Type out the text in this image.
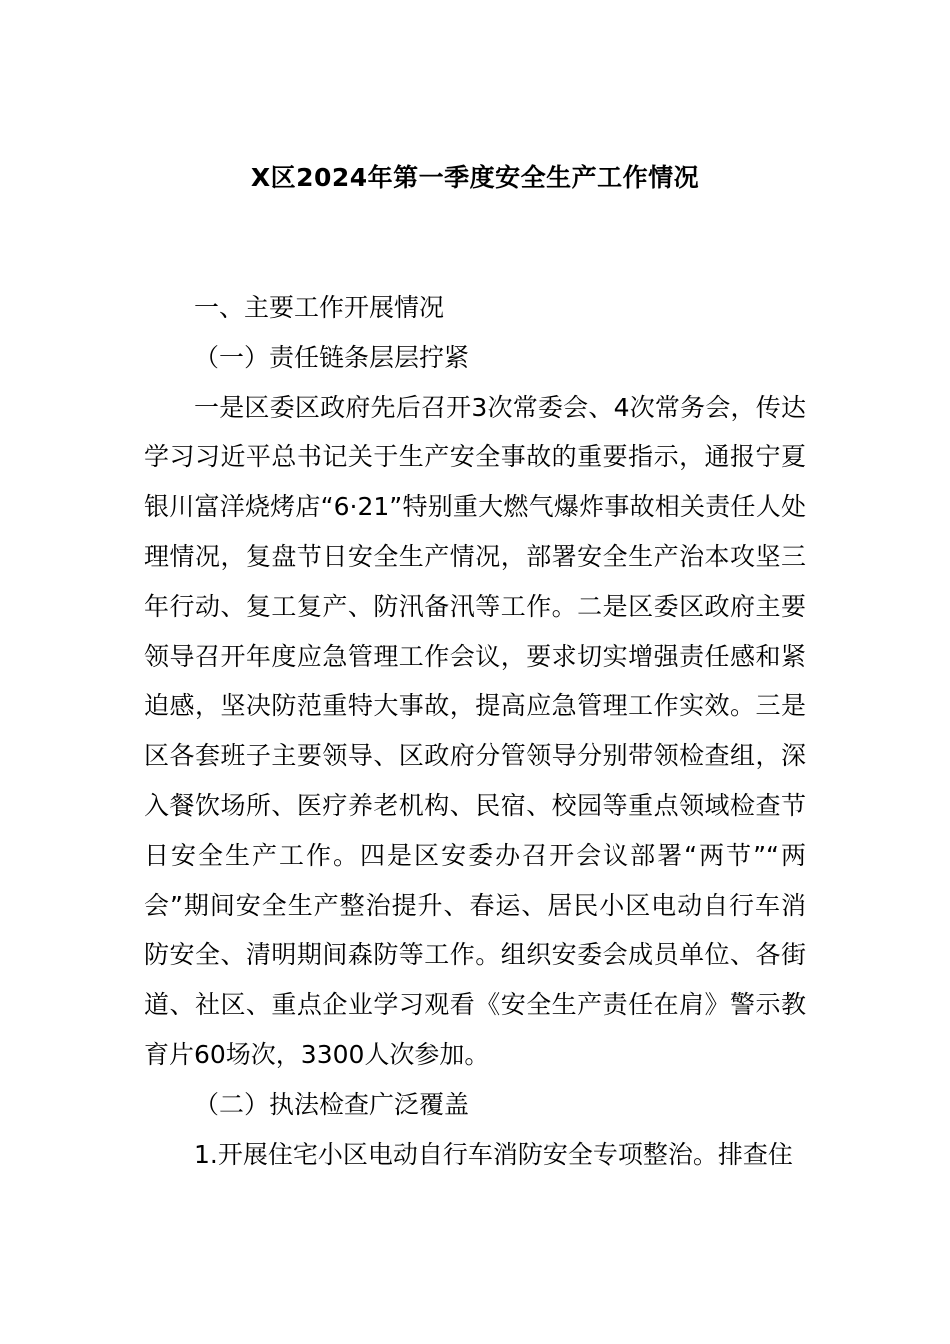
X区2024年第一季度安全生产工作情况

一、主要工作开展情况

（一）责任链条层层拧紧

一是区委区政府先后召开3次常委会、4次常务会，传达学习习近平总书记关于生产安全事故的重要指示，通报宁夏银川富洋烧烤店“6·21”特别重大燃气爆炸事故相关责任人处理情况，复盘节日安全生产情况，部署安全生产治本攻坚三年行动、复工复产、防汛备汛等工作。二是区委区政府主要领导召开年度应急管理工作会议，要求切实增强责任感和紧迫感，坚决防范重特大事故，提高应急管理工作实效。三是区各套班子主要领导、区政府分管领导分别带领检查组，深入餐饮场所、医疗养老机构、民宿、校园等重点领域检查节日安全生产工作。四是区安委办召开会议部署“两节”“两会”期间安全生产整治提升、春运、居民小区电动自行车消防安全、清明期间森防等工作。组织安委会成员单位、各街道、社区、重点企业学习观看《安全生产责任在肩》警示教育片60场次，3300人次参加。

（二）执法检查广泛覆盖

1.开展住宅小区电动自行车消防安全专项整治。排查住
